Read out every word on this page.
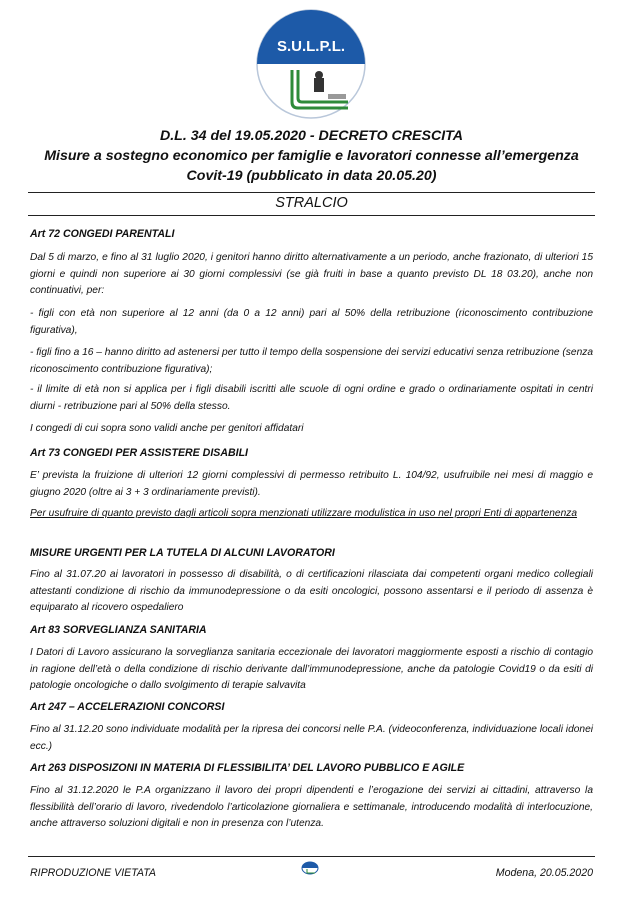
S.U.L.P.L.
D.L. 34 del 19.05.2020 - DECRETO CRESCITA
Misure a sostegno economico per famiglie e lavoratori connesse all’emergenza
Covit-19 (pubblicato in data 20.05.20)
STRALCIO
Art 72 CONGEDI PARENTALI
Dal 5 di marzo, e fino al 31 luglio 2020, i genitori hanno diritto alternativamente a un periodo, anche frazionato, di ulteriori 15 giorni e quindi non superiore ai 30 giorni complessivi (se già fruiti in base a quanto previsto DL 18 03.20), anche non continuativi, per:
- figli con età non superiore al 12 anni (da 0 a 12 anni) pari al 50% della retribuzione (riconoscimento contribuzione figurativa),
- figli fino a 16 – hanno diritto ad astenersi per tutto il tempo della sospensione dei servizi educativi senza retribuzione (senza riconoscimento contribuzione figurativa);
- il limite di età non si applica per i figli disabili iscritti alle scuole di ogni ordine e grado o ordinariamente ospitati in centri diurni - retribuzione pari al 50% della stesso.
I congedi di cui sopra sono validi anche per genitori affidatari
Art 73 CONGEDI PER ASSISTERE DISABILI
E’ prevista la fruizione di ulteriori 12 giorni complessivi di permesso retribuito L. 104/92, usufruibile nei mesi di maggio e giugno 2020 (oltre ai 3 + 3 ordinariamente previsti).
Per usufruire di quanto previsto dagli articoli sopra menzionati utilizzare modulistica in uso nel propri Enti di appartenenza
MISURE URGENTI PER LA TUTELA DI ALCUNI LAVORATORI
Fino al 31.07.20 ai lavoratori in possesso di disabilità, o di certificazioni rilasciata dai competenti organi medico collegiali attestanti condizione di rischio da immunodepressione o da esiti oncologici, possono assentarsi e il periodo di assenza è equiparato al ricovero ospedaliero
Art 83 SORVEGLIANZA SANITARIA
I Datori di Lavoro assicurano la sorveglianza sanitaria eccezionale dei lavoratori maggiormente esposti a rischio di contagio in ragione dell’età o della condizione di rischio derivante dall’immunodepressione, anche da patologie Covid19 o da esiti di patologie oncologiche o dallo svolgimento di terapie salvavita
Art 247 – ACCELERAZIONI CONCORSI
Fino al 31.12.20 sono individuate modalità per la ripresa dei concorsi nelle P.A. (videoconferenza, individuazione locali idonei ecc.)
Art 263 DISPOSIZONI IN MATERIA DI FLESSIBILITA’ DEL LAVORO PUBBLICO E AGILE
Fino al 31.12.2020 le P.A organizzano il lavoro dei propri dipendenti e l’erogazione dei servizi ai cittadini, attraverso la flessibilità dell’orario di lavoro, rivedendolo l’articolazione giornaliera e settimanale, introducendo modalità di interlocuzione, anche attraverso soluzioni digitali e non in presenza con l’utenza.
RIPRODUZIONE VIETATA	Modena, 20.05.2020
